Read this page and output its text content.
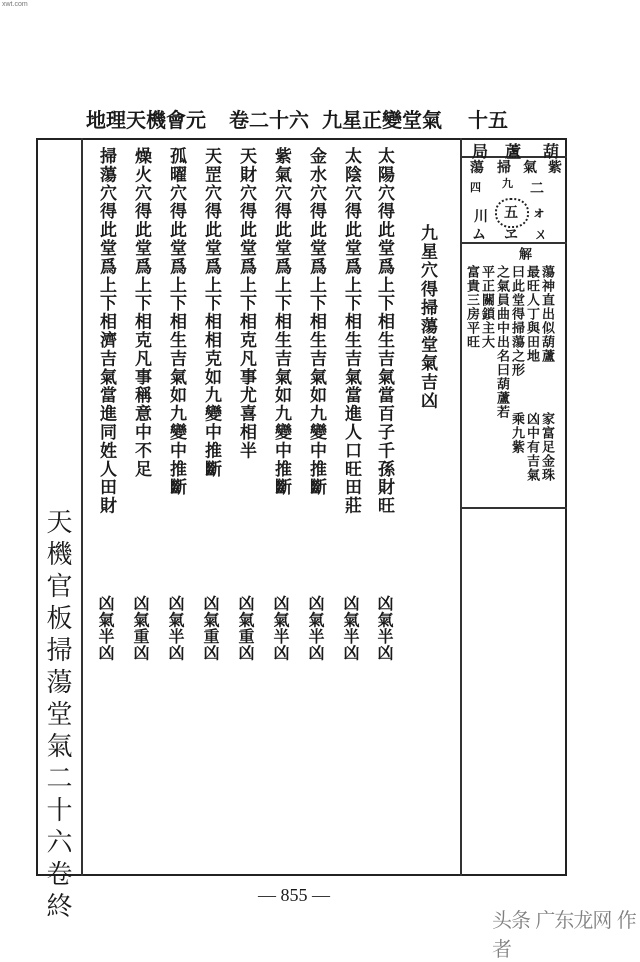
xwt.com
地理天機會元 卷二十六 九星正變堂氣 十五
九星穴得掃蕩堂氣吉凶
太陽穴得此堂爲上下相生吉氣當百子千孫財旺
太陰穴得此堂爲上下相生吉氣當進人口旺田莊
金水穴得此堂爲上下相生吉氣如九變中推斷
紫氣穴得此堂爲上下相生吉氣如九變中推斷
天財穴得此堂爲上下相克凡事尤喜相半
天罡穴得此堂爲上下相相克如九變中推斷
孤曜穴得此堂爲上下相生吉氣如九變中推斷
燥火穴得此堂爲上下相克凡事稱意中不足
掃蕩穴得此堂爲上下相濟吉氣當進同姓人田財
凶氣半凶
凶氣半凶
凶氣半凶
凶氣半凶
凶氣重凶
凶氣重凶
凶氣半凶
凶氣重凶
凶氣半凶
天機官板掃蕩堂氣二十六卷終
葫
蘆
局
紫
氣
掃
蕩
九 二
四
五
川	ォ
ム ヱ ㄨ
解
蕩神直出似葫蘆
最旺人丁與田地
曰此堂得掃蕩之形
之氣員曲中出名曰葫蘆若
平正關鎖主大
富貴三房平旺
家富足金珠
凶中有吉氣
乘九紫
— 855 —
头条 广东龙网 作者
